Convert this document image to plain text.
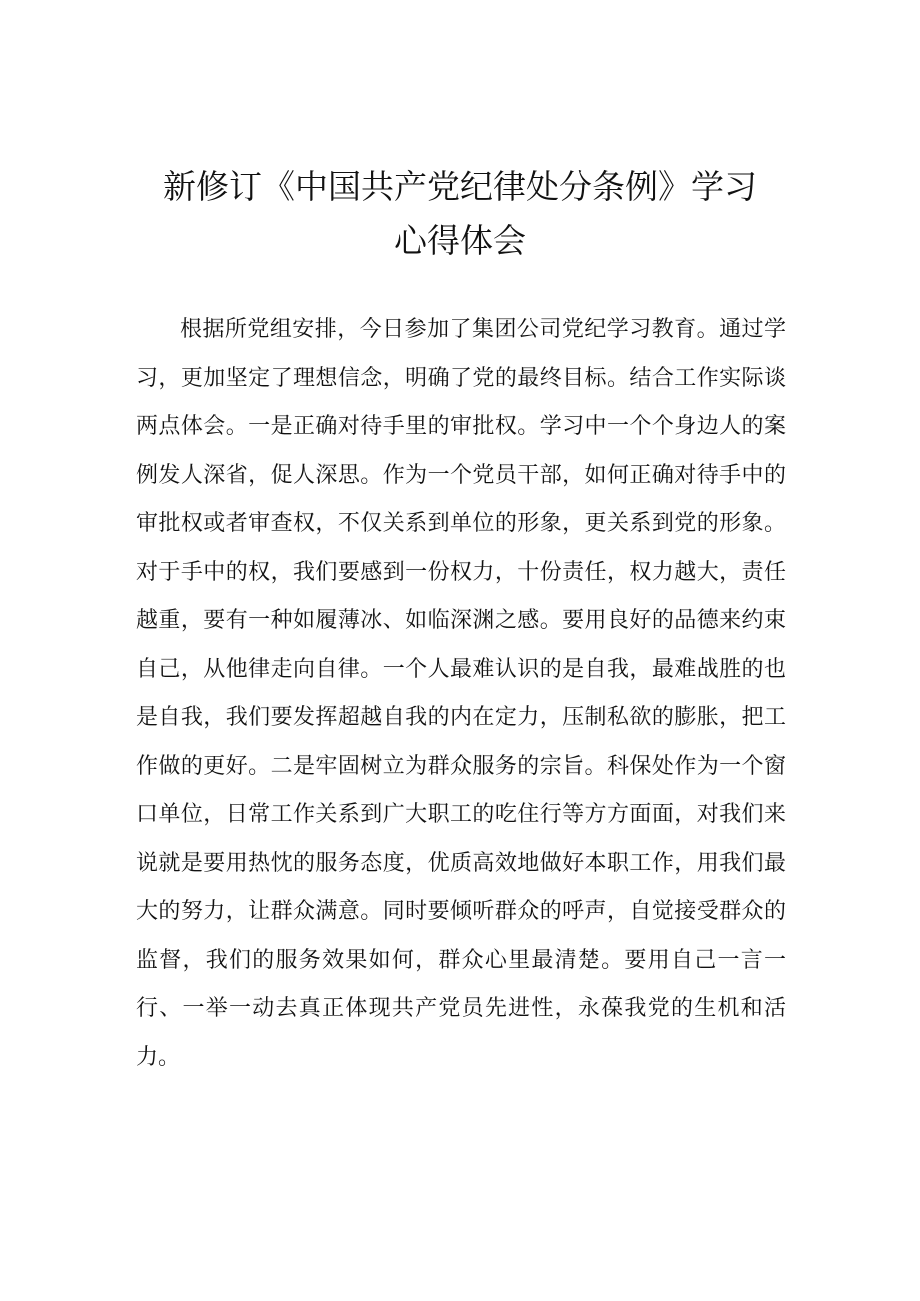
新修订《中国共产党纪律处分条例》学习
心得体会

根据所党组安排，今日参加了集团公司党纪学习教育。通过学习，更加坚定了理想信念，明确了党的最终目标。结合工作实际谈两点体会。一是正确对待手里的审批权。学习中一个个身边人的案例发人深省，促人深思。作为一个党员干部，如何正确对待手中的审批权或者审查权，不仅关系到单位的形象，更关系到党的形象。对于手中的权，我们要感到一份权力，十份责任，权力越大，责任越重，要有一种如履薄冰、如临深渊之感。要用良好的品德来约束自己，从他律走向自律。一个人最难认识的是自我，最难战胜的也是自我，我们要发挥超越自我的内在定力，压制私欲的膨胀，把工作做的更好。二是牢固树立为群众服务的宗旨。科保处作为一个窗口单位，日常工作关系到广大职工的吃住行等方方面面，对我们来说就是要用热忱的服务态度，优质高效地做好本职工作，用我们最大的努力，让群众满意。同时要倾听群众的呼声，自觉接受群众的监督，我们的服务效果如何，群众心里最清楚。要用自己一言一行、一举一动去真正体现共产党员先进性，永葆我党的生机和活力。
